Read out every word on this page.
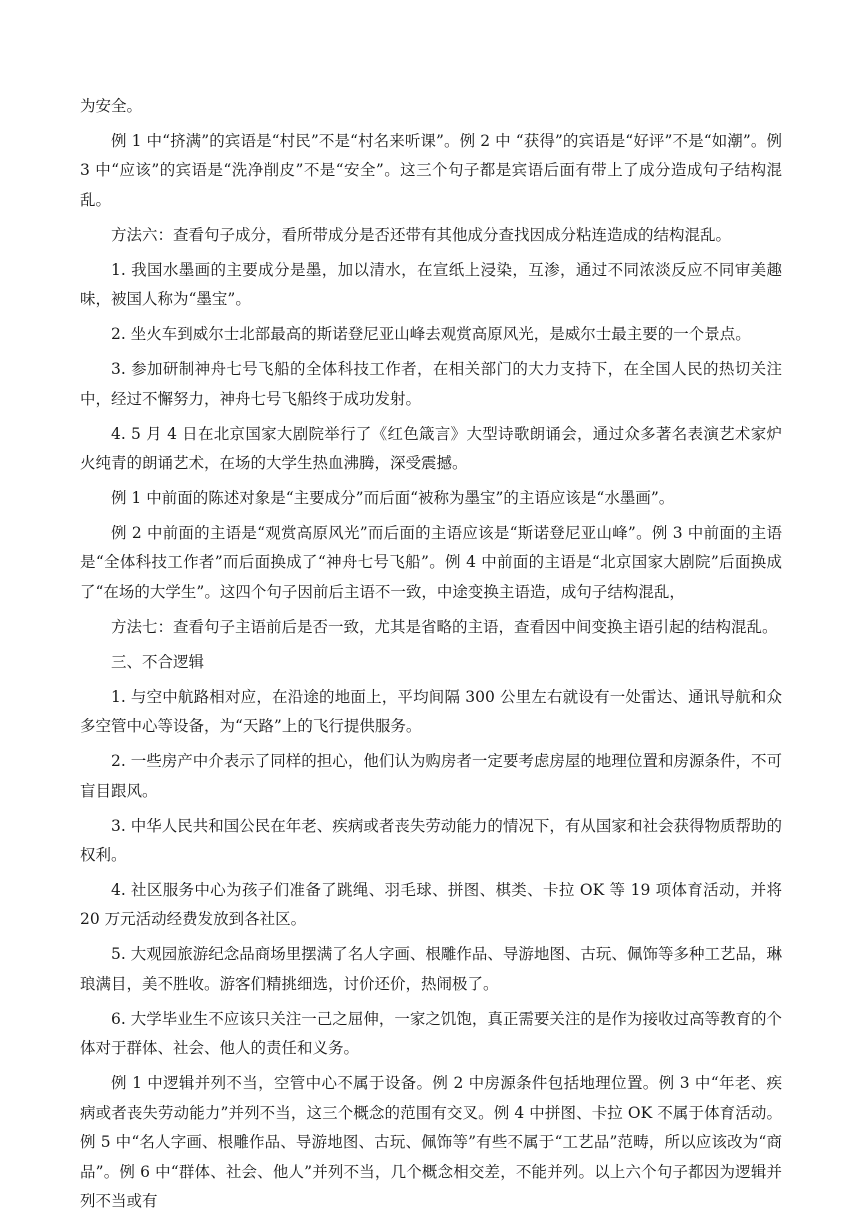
为安全。

例 1 中“挤满”的宾语是“村民”不是“村名来听课”。例 2 中 “获得”的宾语是“好评”不是“如潮”。例 3 中“应该”的宾语是“洗净削皮”不是“安全”。这三个句子都是宾语后面有带上了成分造成句子结构混乱。

方法六：查看句子成分，看所带成分是否还带有其他成分查找因成分粘连造成的结构混乱。

1. 我国水墨画的主要成分是墨，加以清水，在宣纸上浸染，互渗，通过不同浓淡反应不同审美趣味，被国人称为“墨宝”。

2. 坐火车到威尔士北部最高的斯诺登尼亚山峰去观赏高原风光，是威尔士最主要的一个景点。

3. 参加研制神舟七号飞船的全体科技工作者，在相关部门的大力支持下，在全国人民的热切关注中，经过不懈努力，神舟七号飞船终于成功发射。

4. 5 月 4 日在北京国家大剧院举行了《红色箴言》大型诗歌朗诵会，通过众多著名表演艺术家炉火纯青的朗诵艺术，在场的大学生热血沸腾，深受震撼。

例 1 中前面的陈述对象是“主要成分”而后面“被称为墨宝”的主语应该是“水墨画”。

例 2 中前面的主语是“观赏高原风光”而后面的主语应该是“斯诺登尼亚山峰”。例 3 中前面的主语是“全体科技工作者”而后面换成了“神舟七号飞船”。例 4 中前面的主语是“北京国家大剧院”后面换成了“在场的大学生”。这四个句子因前后主语不一致，中途变换主语造，成句子结构混乱，

方法七：查看句子主语前后是否一致，尤其是省略的主语，查看因中间变换主语引起的结构混乱。

三、不合逻辑

1. 与空中航路相对应，在沿途的地面上，平均间隔 300 公里左右就设有一处雷达、通讯导航和众多空管中心等设备，为“天路”上的飞行提供服务。

2. 一些房产中介表示了同样的担心，他们认为购房者一定要考虑房屋的地理位置和房源条件，不可盲目跟风。

3. 中华人民共和国公民在年老、疾病或者丧失劳动能力的情况下，有从国家和社会获得物质帮助的权利。

4. 社区服务中心为孩子们准备了跳绳、羽毛球、拼图、棋类、卡拉 OK 等 19 项体育活动，并将 20 万元活动经费发放到各社区。

5. 大观园旅游纪念品商场里摆满了名人字画、根雕作品、导游地图、古玩、佩饰等多种工艺品，琳琅满目，美不胜收。游客们精挑细选，讨价还价，热闹极了。

6. 大学毕业生不应该只关注一己之屈伸，一家之饥饱，真正需要关注的是作为接收过高等教育的个体对于群体、社会、他人的责任和义务。

例 1 中逻辑并列不当，空管中心不属于设备。例 2 中房源条件包括地理位置。例 3 中“年老、疾病或者丧失劳动能力”并列不当，这三个概念的范围有交叉。例 4 中拼图、卡拉 OK 不属于体育活动。例 5 中“名人字画、根雕作品、导游地图、古玩、佩饰等”有些不属于“工艺品”范畴，所以应该改为“商品”。例 6 中“群体、社会、他人”并列不当，几个概念相交差，不能并列。以上六个句子都因为逻辑并列不当或有
